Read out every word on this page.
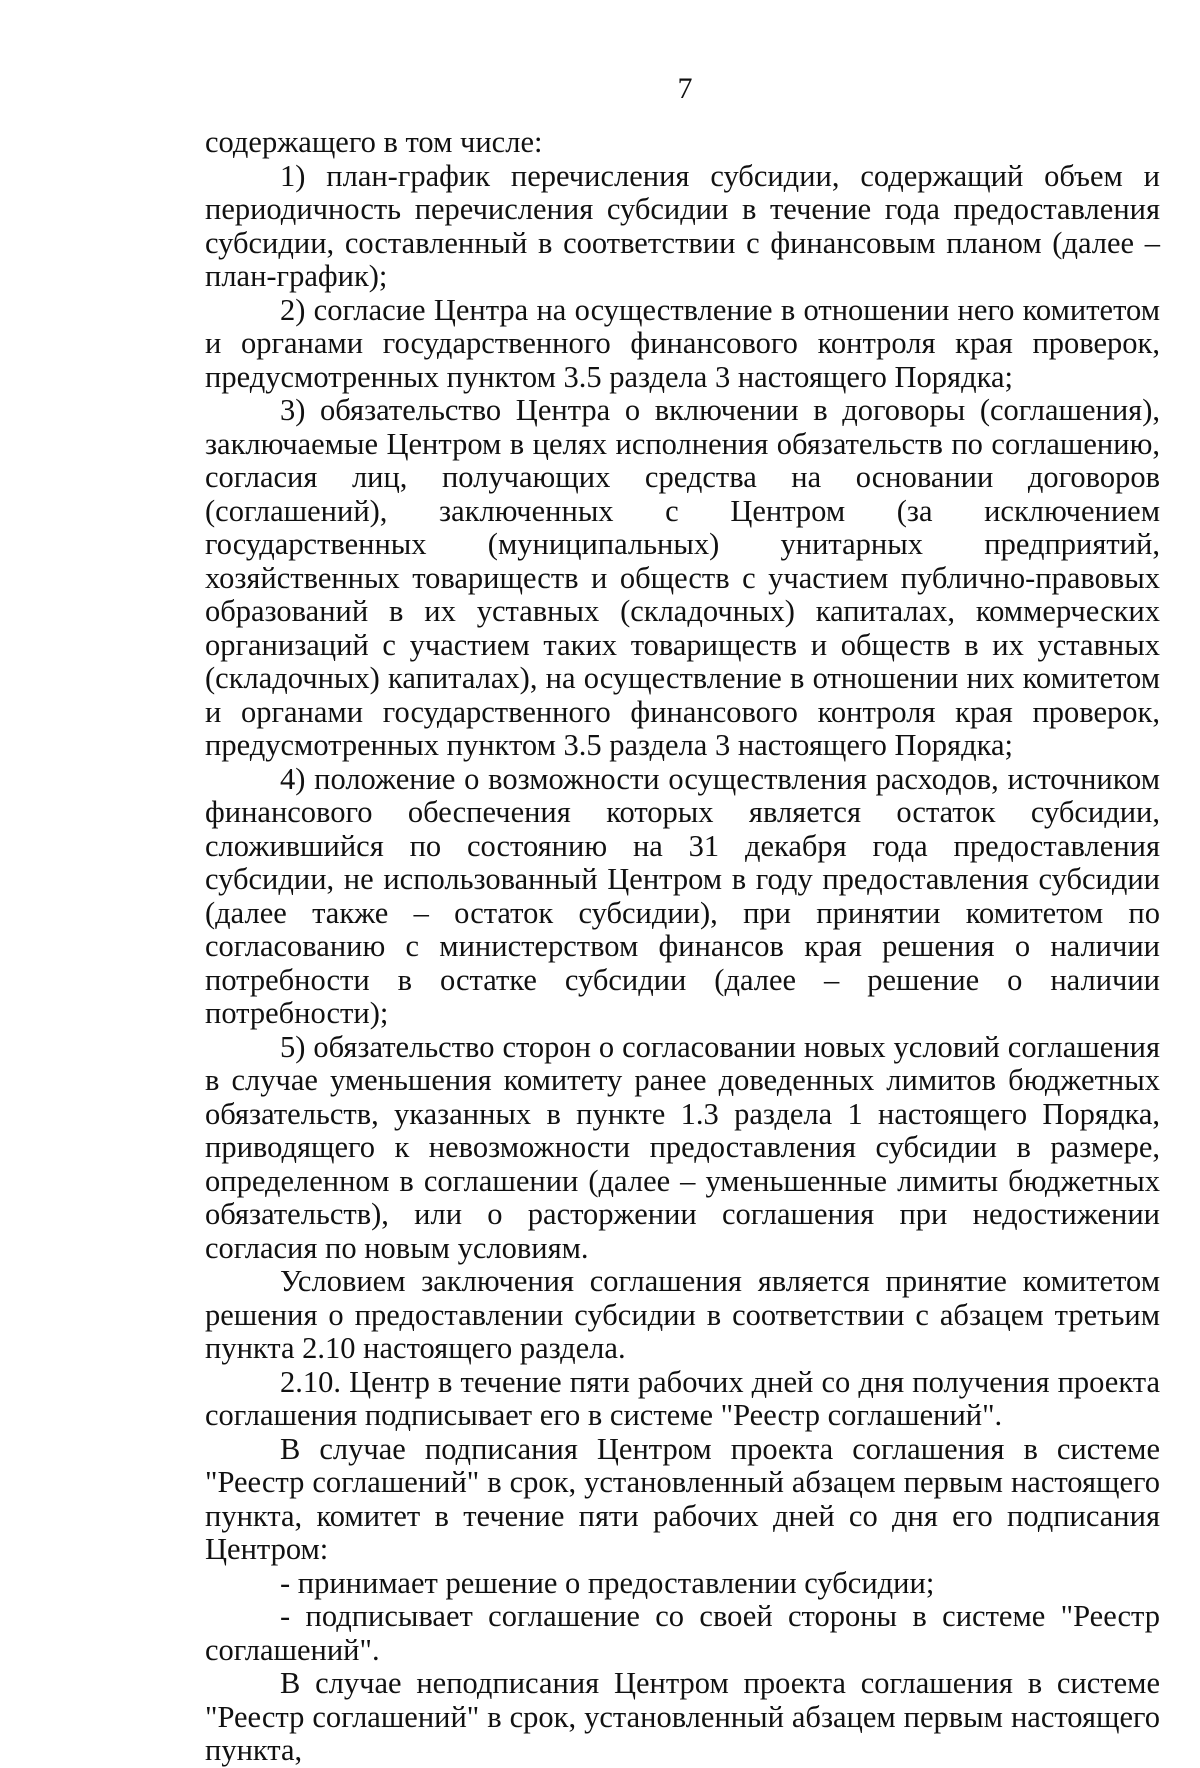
7

содержащего в том числе:

1) план-график перечисления субсидии, содержащий объем и периодичность перечисления субсидии в течение года предоставления субсидии, составленный в соответствии с финансовым планом (далее – план-график);

2) согласие Центра на осуществление в отношении него комитетом и органами государственного финансового контроля края проверок, предусмотренных пунктом 3.5 раздела 3 настоящего Порядка;

3) обязательство Центра о включении в договоры (соглашения), заключаемые Центром в целях исполнения обязательств по соглашению, согласия лиц, получающих средства на основании договоров (соглашений), заключенных с Центром (за исключением государственных (муниципальных) унитарных предприятий, хозяйственных товариществ и обществ с участием публично-правовых образований в их уставных (складочных) капиталах, коммерческих организаций с участием таких товариществ и обществ в их уставных (складочных) капиталах), на осуществление в отношении них комитетом и органами государственного финансового контроля края проверок, предусмотренных пунктом 3.5 раздела 3 настоящего Порядка;

4) положение о возможности осуществления расходов, источником финансового обеспечения которых является остаток субсидии, сложившийся по состоянию на 31 декабря года предоставления субсидии, не использованный Центром в году предоставления субсидии (далее также – остаток субсидии), при принятии комитетом по согласованию с министерством финансов края решения о наличии потребности в остатке субсидии (далее – решение о наличии потребности);

5) обязательство сторон о согласовании новых условий соглашения в случае уменьшения комитету ранее доведенных лимитов бюджетных обязательств, указанных в пункте 1.3 раздела 1 настоящего Порядка, приводящего к невозможности предоставления субсидии в размере, определенном в соглашении (далее – уменьшенные лимиты бюджетных обязательств), или о расторжении соглашения при недостижении согласия по новым условиям.

Условием заключения соглашения является принятие комитетом решения о предоставлении субсидии в соответствии с абзацем третьим пункта 2.10 настоящего раздела.

2.10. Центр в течение пяти рабочих дней со дня получения проекта соглашения подписывает его в системе "Реестр соглашений".

В случае подписания Центром проекта соглашения в системе "Реестр соглашений" в срок, установленный абзацем первым настоящего пункта, комитет в течение пяти рабочих дней со дня его подписания Центром:

- принимает решение о предоставлении субсидии;

- подписывает соглашение со своей стороны в системе "Реестр соглашений".

В случае неподписания Центром проекта соглашения в системе "Реестр соглашений" в срок, установленный абзацем первым настоящего пункта,
